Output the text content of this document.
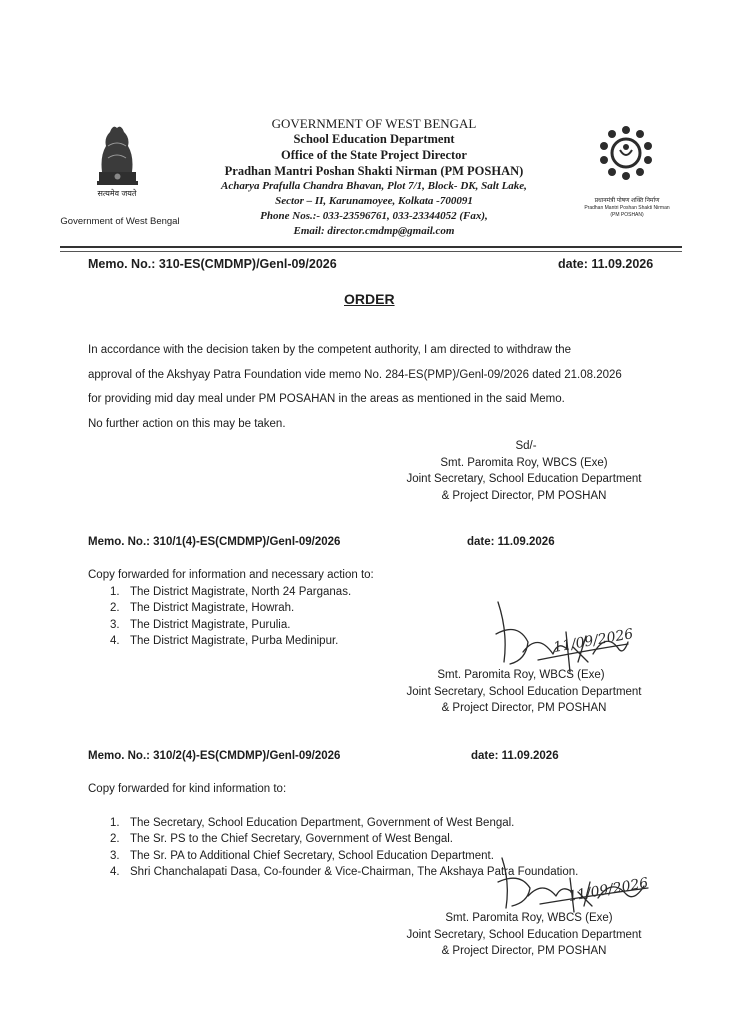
सत्यमेव जयते
Government of West Bengal
GOVERNMENT OF WEST BENGAL
School Education Department
Office of the State Project Director
Pradhan Mantri Poshan Shakti Nirman (PM POSHAN)
Acharya Prafulla Chandra Bhavan, Plot 7/1, Block- DK, Salt Lake,
Sector – II, Karunamoyee, Kolkata -700091
Phone Nos.:- 033-23596761, 033-23344052 (Fax),
Email: director.cmdmp@gmail.com
प्रधानमंत्री पोषण शक्ति निर्माण
Pradhan Mantri Poshan Shakti Nirman
(PM POSHAN)
Memo. No.: 310-ES(CMDMP)/Genl-09/2026	date: 11.09.2026
ORDER
In accordance with the decision taken by the competent authority, I am directed to withdraw the
approval of the Akshyay Patra Foundation vide memo No. 284-ES(PMP)/Genl-09/2026 dated 21.08.2026
for providing mid day meal under PM POSAHAN in the areas as mentioned in the said Memo.
No further action on this may be taken.
Sd/-
Smt. Paromita Roy, WBCS (Exe)
Joint Secretary, School Education Department
& Project Director, PM POSHAN
Memo. No.: 310/1(4)-ES(CMDMP)/Genl-09/2026	date: 11.09.2026
Copy forwarded for information and necessary action to:
1. The District Magistrate, North 24 Parganas.
2. The District Magistrate, Howrah.
3. The District Magistrate, Purulia.
4. The District Magistrate, Purba Medinipur.	11/09/2026
Smt. Paromita Roy, WBCS (Exe)
Joint Secretary, School Education Department
& Project Director, PM POSHAN
Memo. No.: 310/2(4)-ES(CMDMP)/Genl-09/2026	date: 11.09.2026
Copy forwarded for kind information to:
1. The Secretary, School Education Department, Government of West Bengal.
2. The Sr. PS to the Chief Secretary, Government of West Bengal.
3. The Sr. PA to Additional Chief Secretary, School Education Department.
4. Shri Chanchalapati Dasa, Co-founder & Vice-Chairman, The Akshaya Patra Foundation.
11/09/2026
Smt. Paromita Roy, WBCS (Exe)
Joint Secretary, School Education Department
& Project Director, PM POSHAN
